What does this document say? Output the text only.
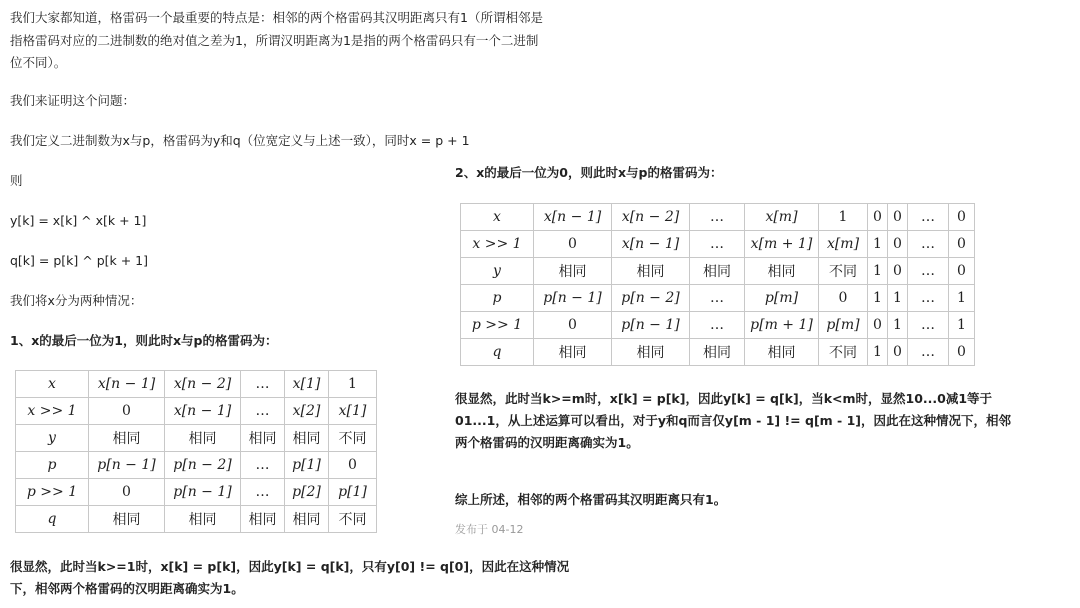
我们大家都知道，格雷码一个最重要的特点是：相邻的两个格雷码其汉明距离只有1（所谓相邻是
指格雷码对应的二进制数的绝对值之差为1，所谓汉明距离为1是指的两个格雷码只有一个二进制
位不同）。
我们来证明这个问题：
我们定义二进制数为x与p，格雷码为y和q（位宽定义与上述一致），同时x = p + 1
则
y[k] = x[k] ^ x[k + 1]
q[k] = p[k] ^ p[k + 1]
我们将x分为两种情况：
1、x的最后一位为1，则此时x与p的格雷码为：
x	x[n − 1]	x[n − 2]	…	x[1]	1
x >> 1	0	x[n − 1]	…	x[2]	x[1]
y	相同	相同	相同	相同	不同
p	p[n − 1]	p[n − 2]	…	p[1]	0
p >> 1	0	p[n − 1]	…	p[2]	p[1]
q	相同	相同	相同	相同	不同
很显然，此时当k>=1时，x[k] = p[k]，因此y[k] = q[k]，只有y[0] != q[0]，因此在这种情况
下，相邻两个格雷码的汉明距离确实为1。
2、x的最后一位为0，则此时x与p的格雷码为：
x	x[n − 1]	x[n − 2]	…	x[m]	1	0	0	…	0
x >> 1	0	x[n − 1]	…	x[m + 1]	x[m]	1	0	…	0
y	相同	相同	相同	相同	不同	1	0	…	0
p	p[n − 1]	p[n − 2]	…	p[m]	0	1	1	…	1
p >> 1	0	p[n − 1]	…	p[m + 1]	p[m]	0	1	…	1
q	相同	相同	相同	相同	不同	1	0	…	0
很显然，此时当k>=m时，x[k] = p[k]，因此y[k] = q[k]，当k<m时，显然10...0减1等于
01...1，从上述运算可以看出，对于y和q而言仅y[m - 1] != q[m - 1]，因此在这种情况下，相邻
两个格雷码的汉明距离确实为1。
综上所述，相邻的两个格雷码其汉明距离只有1。
发布于 04-12
